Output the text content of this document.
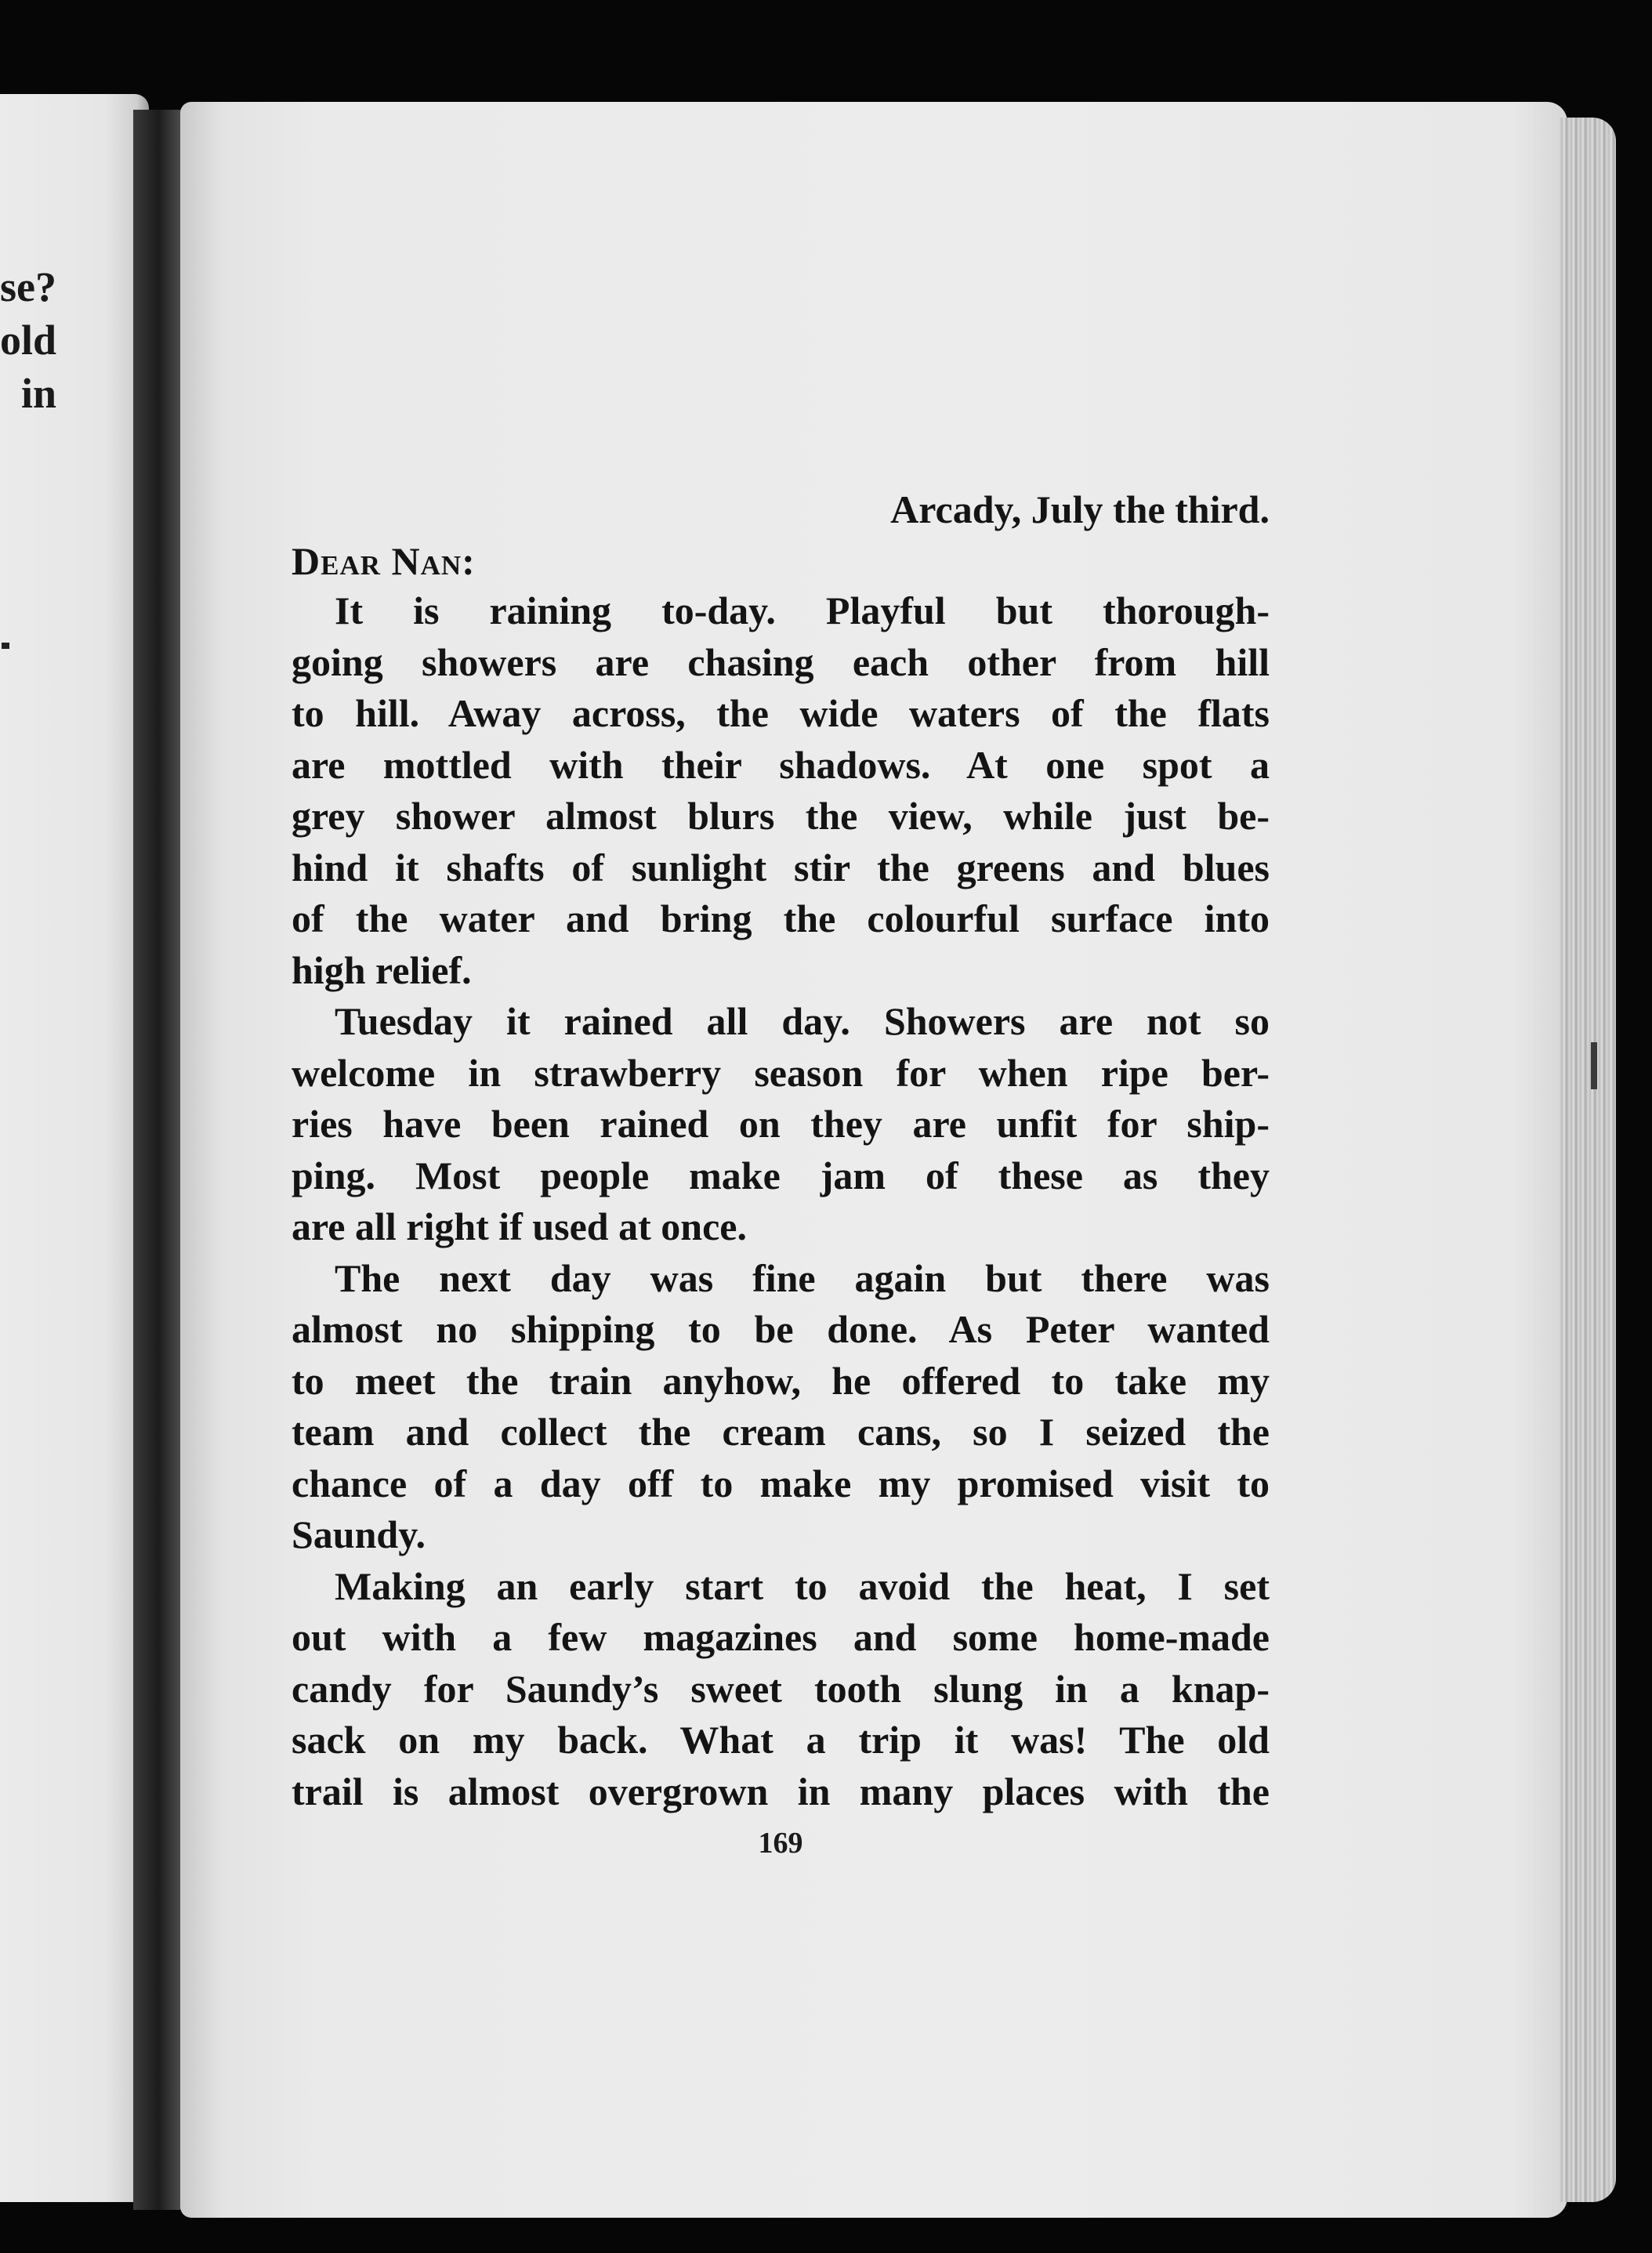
se?
old
in
Arcady, July the third.
Dear Nan:
It is raining to-day. Playful but thorough-
going showers are chasing each other from hill
to hill. Away across, the wide waters of the flats
are mottled with their shadows. At one spot a
grey shower almost blurs the view, while just be-
hind it shafts of sunlight stir the greens and blues
of the water and bring the colourful surface into
high relief.
Tuesday it rained all day. Showers are not so
welcome in strawberry season for when ripe ber-
ries have been rained on they are unfit for ship-
ping. Most people make jam of these as they
are all right if used at once.
The next day was fine again but there was
almost no shipping to be done. As Peter wanted
to meet the train anyhow, he offered to take my
team and collect the cream cans, so I seized the
chance of a day off to make my promised visit to
Saundy.
Making an early start to avoid the heat, I set
out with a few magazines and some home-made
candy for Saundy’s sweet tooth slung in a knap-
sack on my back. What a trip it was! The old
trail is almost overgrown in many places with the
169
